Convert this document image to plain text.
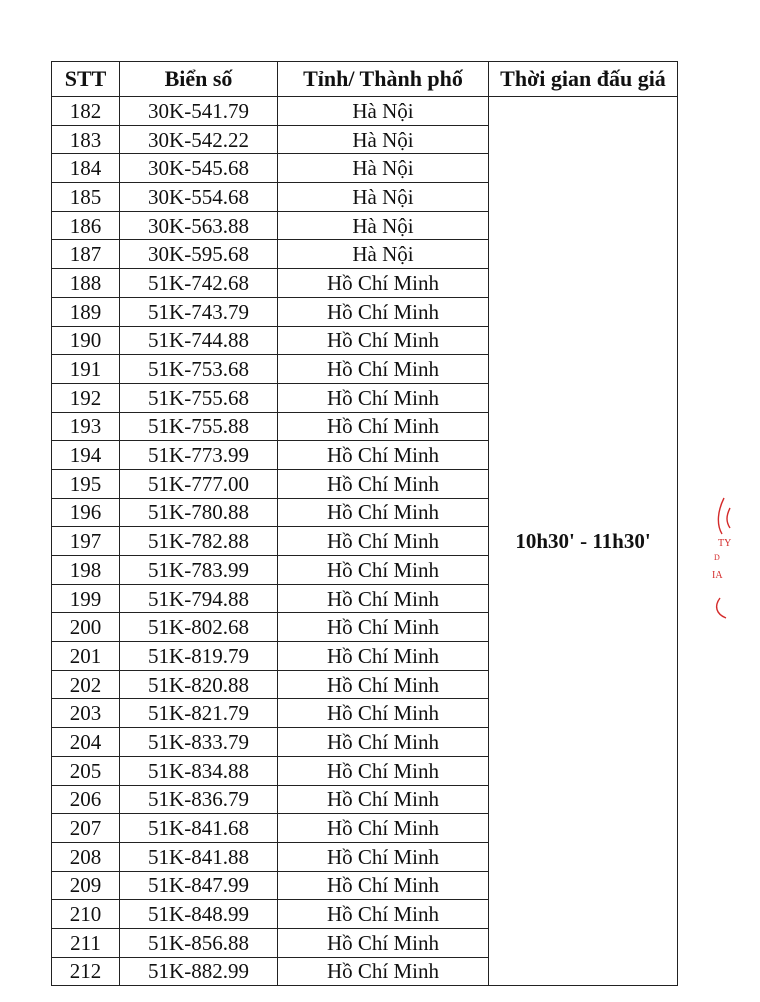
STT	Biển số	Tỉnh/ Thành phố	Thời gian đấu giá
182	30K-541.79	Hà Nội	10h30' - 11h30'
183	30K-542.22	Hà Nội	
184	30K-545.68	Hà Nội	
185	30K-554.68	Hà Nội	
186	30K-563.88	Hà Nội	
187	30K-595.68	Hà Nội	
188	51K-742.68	Hồ Chí Minh	
189	51K-743.79	Hồ Chí Minh	
190	51K-744.88	Hồ Chí Minh	
191	51K-753.68	Hồ Chí Minh	
192	51K-755.68	Hồ Chí Minh	
193	51K-755.88	Hồ Chí Minh	
194	51K-773.99	Hồ Chí Minh	
195	51K-777.00	Hồ Chí Minh	
196	51K-780.88	Hồ Chí Minh	
197	51K-782.88	Hồ Chí Minh	
198	51K-783.99	Hồ Chí Minh	
199	51K-794.88	Hồ Chí Minh	
200	51K-802.68	Hồ Chí Minh	
201	51K-819.79	Hồ Chí Minh	
202	51K-820.88	Hồ Chí Minh	
203	51K-821.79	Hồ Chí Minh	
204	51K-833.79	Hồ Chí Minh	
205	51K-834.88	Hồ Chí Minh	
206	51K-836.79	Hồ Chí Minh	
207	51K-841.68	Hồ Chí Minh	
208	51K-841.88	Hồ Chí Minh	
209	51K-847.99	Hồ Chí Minh	
210	51K-848.99	Hồ Chí Minh	
211	51K-856.88	Hồ Chí Minh	
212	51K-882.99	Hồ Chí Minh	
TY
D
IA
